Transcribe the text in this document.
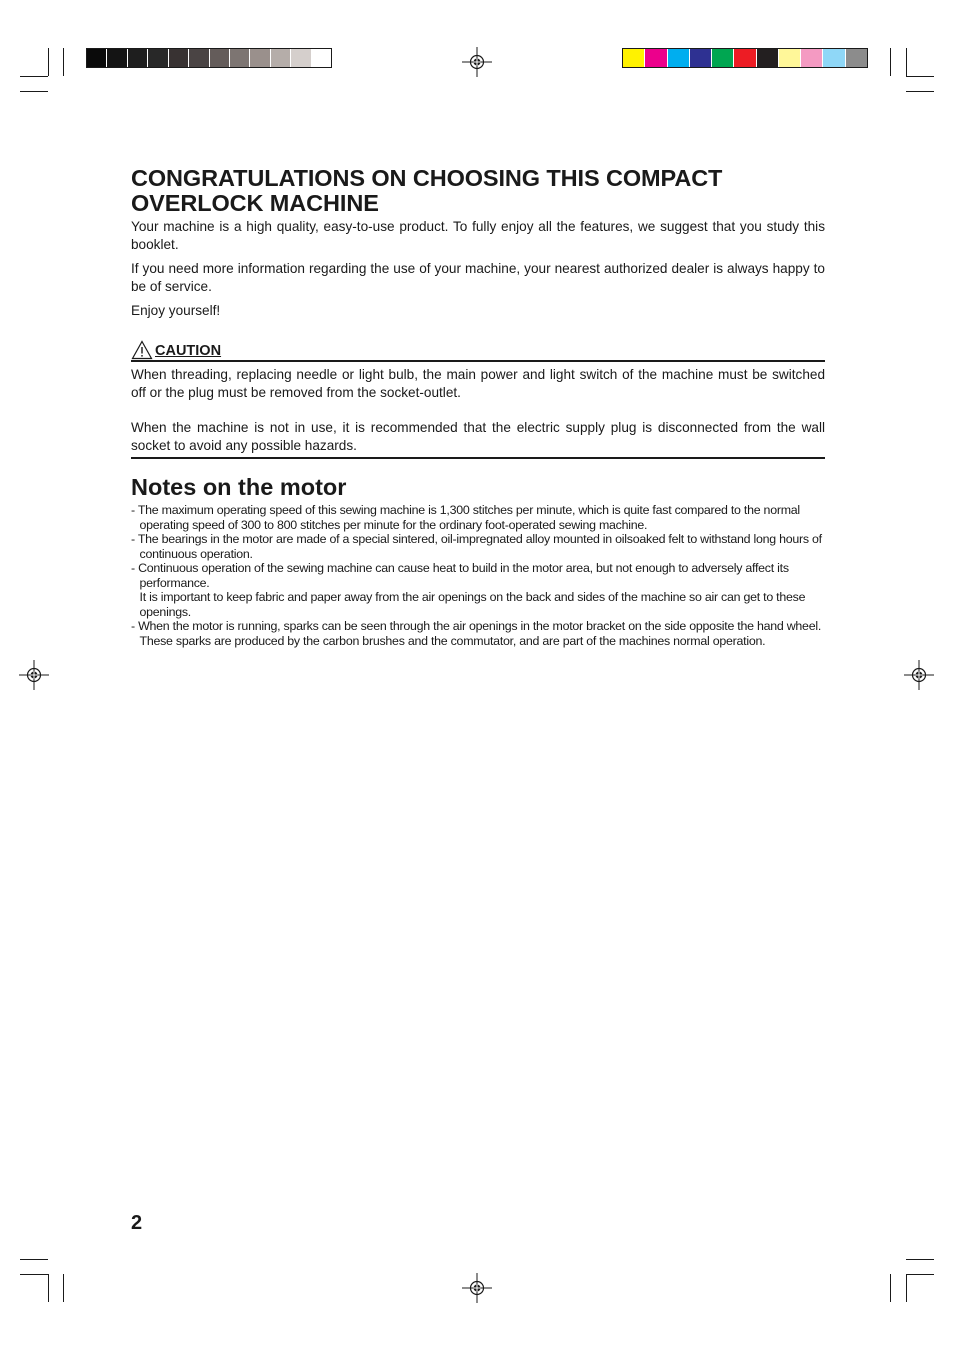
CONGRATULATIONS ON CHOOSING THIS COMPACT OVERLOCK MACHINE

Your machine is a high quality, easy-to-use product. To fully enjoy all the features, we suggest that you study this booklet.

If you need more information regarding the use of your machine, your nearest authorized dealer is always happy to be of service.

Enjoy yourself!

CAUTION

When threading, replacing needle or light bulb, the main power and light switch of the machine must be switched off or the plug must be removed from the socket-outlet.

When the machine is not in use, it is recommended that the electric supply plug is disconnected from the wall socket to avoid any possible hazards.

Notes on the motor
- The maximum operating speed of this sewing machine is 1,300 stitches per minute, which is quite fast compared to the normal operating speed of 300 to 800 stitches per minute for the ordinary foot-operated sewing machine.
- The bearings in the motor are made of a special sintered, oil-impregnated alloy mounted in oilsoaked felt to withstand long hours of continuous operation.
- Continuous operation of the sewing machine can cause heat to build in the motor area, but not enough to adversely affect its performance.
It is important to keep fabric and paper away from the air openings on the back and sides of the machine so air can get to these openings.
- When the motor is running, sparks can be seen through the air openings in the motor bracket on the side opposite the hand wheel. These sparks are produced by the carbon brushes and the commutator, and are part of the machines normal operation.
2
